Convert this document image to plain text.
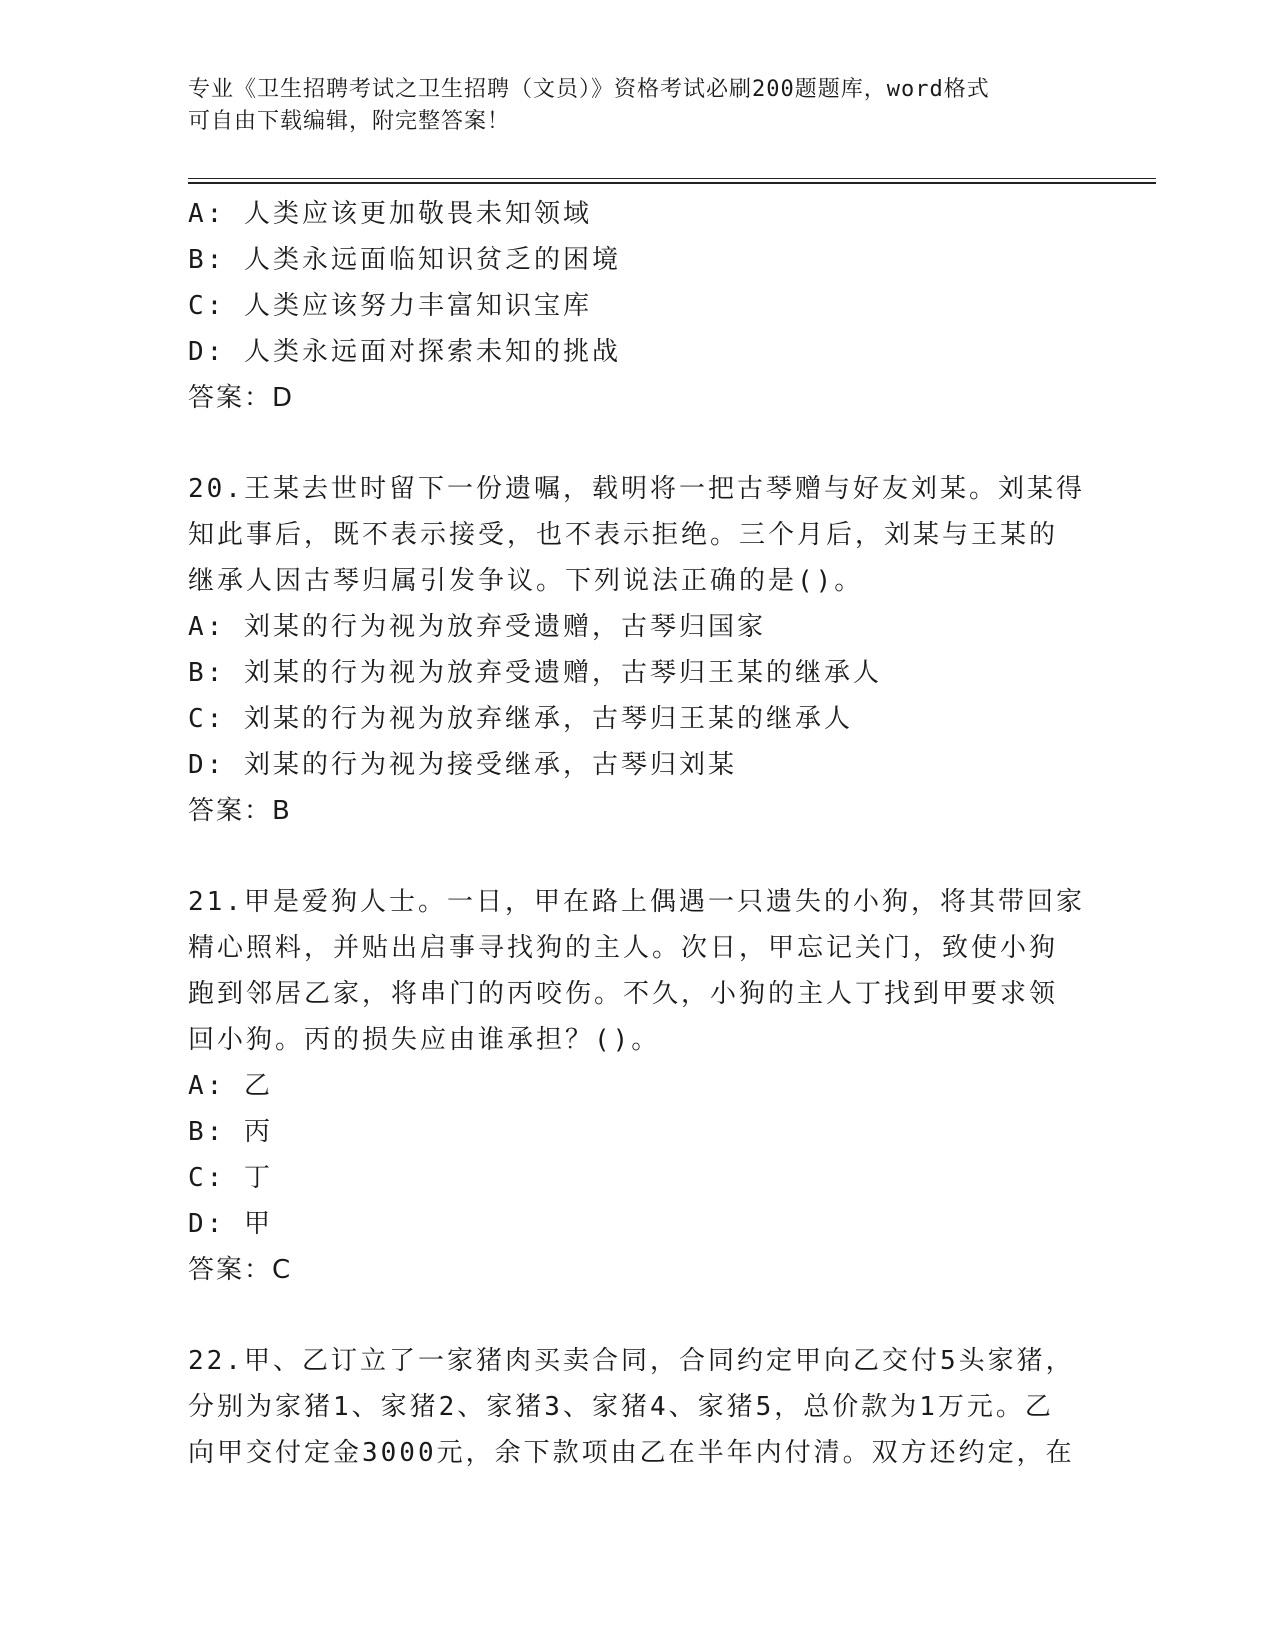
专业《卫生招聘考试之卫生招聘（文员）》资格考试必刷200题题库，word格式
可自由下载编辑，附完整答案！
A: 人类应该更加敬畏未知领域
B: 人类永远面临知识贫乏的困境
C: 人类应该努力丰富知识宝库
D: 人类永远面对探索未知的挑战
答案：D
20.王某去世时留下一份遗嘱，载明将一把古琴赠与好友刘某。刘某得
知此事后，既不表示接受，也不表示拒绝。三个月后，刘某与王某的
继承人因古琴归属引发争议。下列说法正确的是()。
A: 刘某的行为视为放弃受遗赠，古琴归国家
B: 刘某的行为视为放弃受遗赠，古琴归王某的继承人
C: 刘某的行为视为放弃继承，古琴归王某的继承人
D: 刘某的行为视为接受继承，古琴归刘某
答案：B
21.甲是爱狗人士。一日，甲在路上偶遇一只遗失的小狗，将其带回家
精心照料，并贴出启事寻找狗的主人。次日，甲忘记关门，致使小狗
跑到邻居乙家，将串门的丙咬伤。不久，小狗的主人丁找到甲要求领
回小狗。丙的损失应由谁承担？()。
A: 乙
B: 丙
C: 丁
D: 甲
答案：C
22.甲、乙订立了一家猪肉买卖合同，合同约定甲向乙交付5头家猪，
分别为家猪1、家猪2、家猪3、家猪4、家猪5，总价款为1万元。乙
向甲交付定金3000元，余下款项由乙在半年内付清。双方还约定，在
